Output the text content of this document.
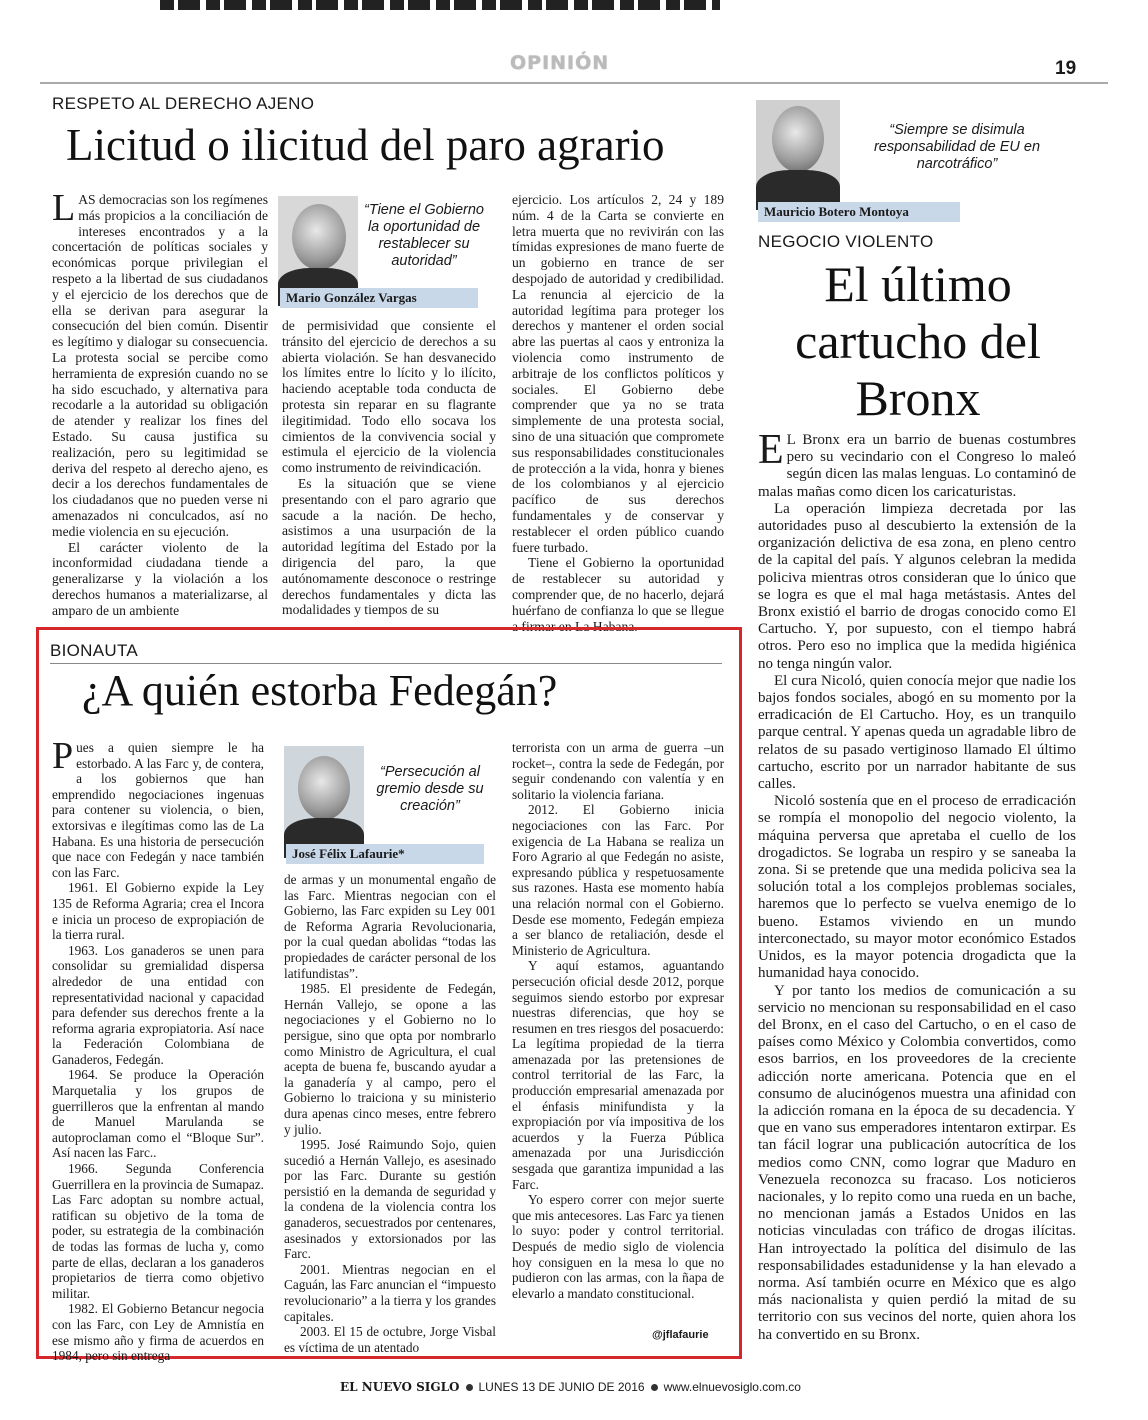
OPINIÓN	19
RESPETO AL DERECHO AJENO
Licitud o ilicitud del paro agrario
L AS democracias son los regímenes más propicios a la conciliación de intereses encontrados y a la concertación de políticas sociales y económicas porque privilegian el respeto a la libertad de sus ciudadanos y el ejercicio de los derechos que de ella se derivan para asegurar la consecución del bien común. Disentir es legítimo y dialogar su consecuencia. La protesta social se percibe como herramienta de expresión cuando no se ha sido escuchado, y alternativa para recodarle a la autoridad su obligación de atender y realizar los fines del Estado. Su causa justifica su realización, pero su legitimidad se deriva del respeto al derecho ajeno, es decir a los derechos fundamentales de los ciudadanos que no pueden verse ni amenazados ni conculcados, así no medie violencia en su ejecución.

El carácter violento de la inconformidad ciudadana tiende a generalizarse y la violación a los derechos humanos a materializarse, al amparo de un ambiente

“Tiene el Gobierno la oportunidad de restablecer su autoridad”
Mario González Vargas

de permisividad que consiente el tránsito del ejercicio de derechos a su abierta violación. Se han desvanecido los límites entre lo lícito y lo ilícito, haciendo aceptable toda conducta de protesta sin reparar en su flagrante ilegitimidad. Todo ello socava los cimientos de la convivencia social y estimula el ejercicio de la violencia como instrumento de reivindicación.

Es la situación que se viene presentando con el paro agrario que sacude a la nación. De hecho, asistimos a una usurpación de la autoridad legítima del Estado por la dirigencia del paro, la que autónomamente desconoce o restringe derechos fundamentales y dicta las modalidades y tiempos de su

ejercicio. Los artículos 2, 24 y 189 núm. 4 de la Carta se convierte en letra muerta que no revivirán con las tímidas expresiones de mano fuerte de un gobierno en trance de ser despojado de autoridad y credibilidad. La renuncia al ejercicio de la autoridad legítima para proteger los derechos y mantener el orden social abre las puertas al caos y entroniza la violencia como instrumento de arbitraje de los conflictos políticos y sociales. El Gobierno debe comprender que ya no se trata simplemente de una protesta social, sino de una situación que compromete sus responsabilidades constitucionales de protección a la vida, honra y bienes de los colombianos y al ejercicio pacífico de sus derechos fundamentales y de conservar y restablecer el orden público cuando fuere turbado.

Tiene el Gobierno la oportunidad de restablecer su autoridad y comprender que, de no hacerlo, dejará huérfano de confianza lo que se llegue a firmar en La Habana.

“Siempre se disimula responsabilidad de EU en narcotráfico”
Mauricio Botero Montoya
NEGOCIO VIOLENTO
El último
cartucho del
Bronx
E L Bronx era un barrio de buenas costumbres pero su vecindario con el Congreso lo maleó según dicen las malas lenguas. Lo contaminó de malas mañas como dicen los caricaturistas.

La operación limpieza decretada por las autoridades puso al descubierto la extensión de la organización delictiva de esa zona, en pleno centro de la capital del país. Y algunos celebran la medida policiva mientras otros consideran que lo único que se logra es que el mal haga metástasis. Antes del Bronx existió el barrio de drogas conocido como El Cartucho. Y, por supuesto, con el tiempo habrá otros. Pero eso no implica que la medida higiénica no tenga ningún valor.

El cura Nicoló, quien conocía mejor que nadie los bajos fondos sociales, abogó en su momento por la erradicación de El Cartucho. Hoy, es un tranquilo parque central. Y apenas queda un agradable libro de relatos de su pasado vertiginoso llamado El último cartucho, escrito por un narrador habitante de sus calles.

Nicoló sostenía que en el proceso de erradicación se rompía el monopolio del negocio violento, la máquina perversa que apretaba el cuello de los drogadictos. Se lograba un respiro y se saneaba la zona. Si se pretende que una medida policiva sea la solución total a los complejos problemas sociales, haremos que lo perfecto se vuelva enemigo de lo bueno. Estamos viviendo en un mundo interconectado, su mayor motor económico Estados Unidos, es la mayor potencia drogadicta que la humanidad haya conocido.

Y por tanto los medios de comunicación a su servicio no mencionan su responsabilidad en el caso del Bronx, en el caso del Cartucho, o en el caso de países como México y Colombia convertidos, como esos barrios, en los proveedores de la creciente adicción norte americana. Potencia que en el consumo de alucinógenos muestra una afinidad con la adicción romana en la época de su decadencia. Y que en vano sus emperadores intentaron extirpar. Es tan fácil lograr una publicación autocrítica de los medios como CNN, como lograr que Maduro en Venezuela reconozca su fracaso. Los noticieros nacionales, y lo repito como una rueda en un bache, no mencionan jamás a Estados Unidos en las noticias vinculadas con tráfico de drogas ilícitas. Han introyectado la política del disimulo de las responsabilidades estadunidense y la han elevado a norma. Así también ocurre en México que es algo más nacionalista y quien perdió la mitad de su territorio con sus vecinos del norte, quien ahora los ha convertido en su Bronx.

BIONAUTA
¿A quién estorba Fedegán?
P ues a quien siempre le ha estorbado. A las Farc y, de contera, a los gobiernos que han emprendido negociaciones ingenuas para contener su violencia, o bien, extorsivas e ilegítimas como las de La Habana. Es una historia de persecución que nace con Fedegán y nace también con las Farc.

1961. El Gobierno expide la Ley 135 de Reforma Agraria; crea el Incora e inicia un proceso de expropiación de la tierra rural.

1963. Los ganaderos se unen para consolidar su gremialidad dispersa alrededor de una entidad con representatividad nacional y capacidad para defender sus derechos frente a la reforma agraria expropiatoria. Así nace la Federación Colombiana de Ganaderos, Fedegán.

1964. Se produce la Operación Marquetalia y los grupos de guerrilleros que la enfrentan al mando de Manuel Marulanda se autoproclaman como el “Bloque Sur”. Así nacen las Farc..

1966. Segunda Conferencia Guerrillera en la provincia de Sumapaz. Las Farc adoptan su nombre actual, ratifican su objetivo de la toma de poder, su estrategia de la combinación de todas las formas de lucha y, como parte de ellas, declaran a los ganaderos propietarios de tierra como objetivo militar.

1982. El Gobierno Betancur negocia con las Farc, con Ley de Amnistía en ese mismo año y firma de acuerdos en 1984, pero sin entrega

“Persecución al gremio desde su creación”
José Félix Lafaurie*

de armas y un monumental engaño de las Farc. Mientras negocian con el Gobierno, las Farc expiden su Ley 001 de Reforma Agraria Revolucionaria, por la cual quedan abolidas “todas las propiedades de carácter personal de los latifundistas”.

1985. El presidente de Fedegán, Hernán Vallejo, se opone a las negociaciones y el Gobierno no lo persigue, sino que opta por nombrarlo como Ministro de Agricultura, el cual acepta de buena fe, buscando ayudar a la ganadería y al campo, pero el Gobierno lo traiciona y su ministerio dura apenas cinco meses, entre febrero y julio.

1995. José Raimundo Sojo, quien sucedió a Hernán Vallejo, es asesinado por las Farc. Durante su gestión persistió en la demanda de seguridad y la condena de la violencia contra los ganaderos, secuestrados por centenares, asesinados y extorsionados por las Farc.

2001. Mientras negocian en el Caguán, las Farc anuncian el “impuesto revolucionario” a la tierra y los grandes capitales.

2003. El 15 de octubre, Jorge Visbal es víctima de un atentado

terrorista con un arma de guerra –un rocket–, contra la sede de Fedegán, por seguir condenando con valentía y en solitario la violencia fariana.

2012. El Gobierno inicia negociaciones con las Farc. Por exigencia de La Habana se realiza un Foro Agrario al que Fedegán no asiste, expresando pública y respetuosamente sus razones. Hasta ese momento había una relación normal con el Gobierno. Desde ese momento, Fedegán empieza a ser blanco de retaliación, desde el Ministerio de Agricultura.

Y aquí estamos, aguantando persecución oficial desde 2012, porque seguimos siendo estorbo por expresar nuestras diferencias, que hoy se resumen en tres riesgos del posacuerdo: La legítima propiedad de la tierra amenazada por las pretensiones de control territorial de las Farc, la producción empresarial amenazada por el énfasis minifundista y la expropiación por vía impositiva de los acuerdos y la Fuerza Pública amenazada por una Jurisdicción sesgada que garantiza impunidad a las Farc.

Yo espero correr con mejor suerte que mis antecesores. Las Farc ya tienen lo suyo: poder y control territorial. Después de medio siglo de violencia hoy consiguen en la mesa lo que no pudieron con las armas, con la ñapa de elevarlo a mandato constitucional.

@jflafaurie
EL NUEVO SIGLO LUNES 13 DE JUNIO DE 2016 www.elnuevosiglo.com.co
